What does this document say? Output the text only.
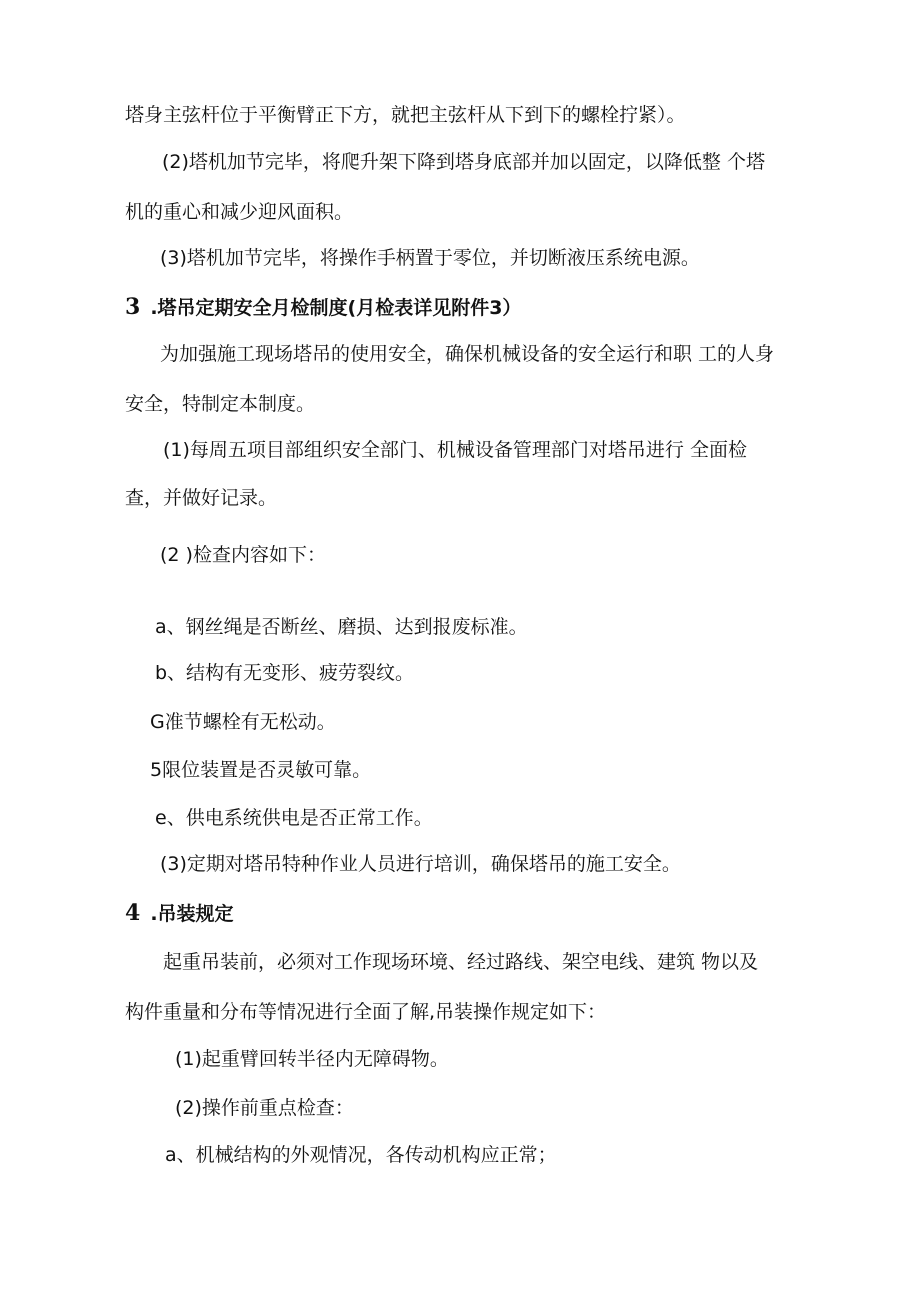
塔身主弦杆位于平衡臂正下方，就把主弦杆从下到下的螺栓拧紧）。
(2)塔机加节完毕，将爬升架下降到塔身底部并加以固定，以降低整 个塔
机的重心和减少迎风面积。
(3)塔机加节完毕，将操作手柄置于零位，并切断液压系统电源。
3 .塔吊定期安全月检制度(月检表详见附件3）
为加强施工现场塔吊的使用安全，确保机械设备的安全运行和职 工的人身
安全，特制定本制度。
(1)每周五项目部组织安全部门、机械设备管理部门对塔吊进行 全面检
查，并做好记录。
(2 )检查内容如下：
a、钢丝绳是否断丝、磨损、达到报废标准。
b、结构有无变形、疲劳裂纹。
G准节螺栓有无松动。
5限位装置是否灵敏可靠。
e、供电系统供电是否正常工作。
(3)定期对塔吊特种作业人员进行培训，确保塔吊的施工安全。
4 .吊装规定
起重吊装前，必须对工作现场环境、经过路线、架空电线、建筑 物以及
构件重量和分布等情况进行全面了解,吊装操作规定如下：
(1)起重臂回转半径内无障碍物。
(2)操作前重点检查：
a、机械结构的外观情况，各传动机构应正常；
